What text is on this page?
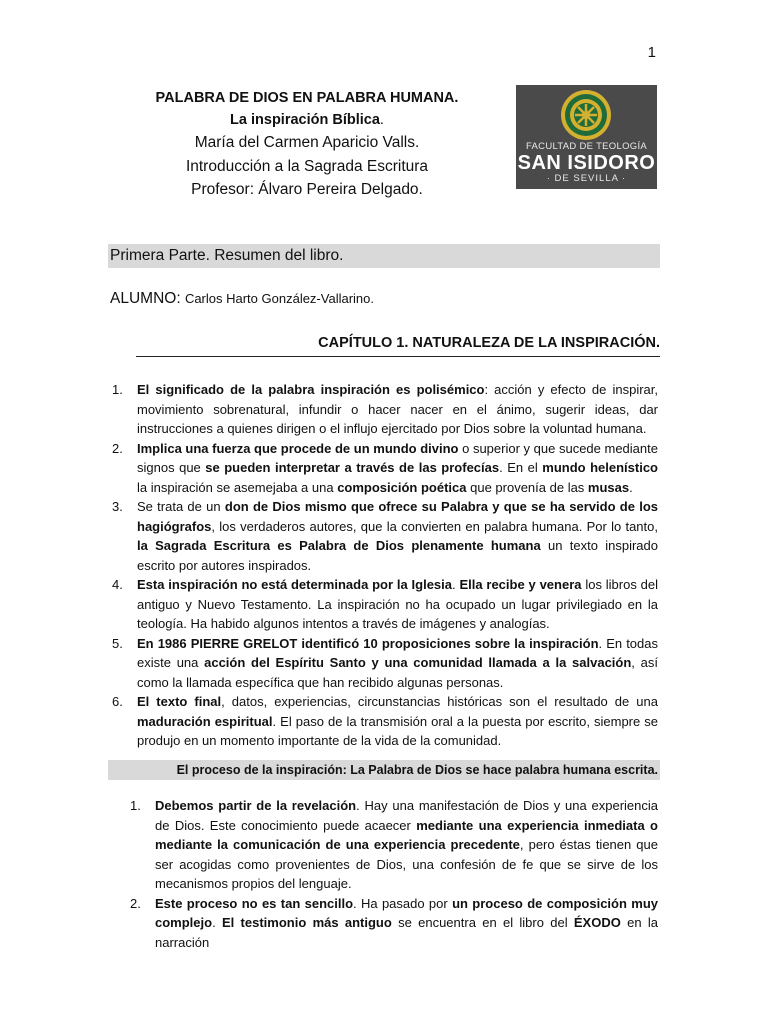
1
PALABRA DE DIOS EN PALABRA HUMANA.
La inspiración Bíblica.
María del Carmen Aparicio Valls.
Introducción a la Sagrada Escritura
Profesor: Álvaro Pereira Delgado.
FACULTAD DE TEOLOGÍA
SAN ISIDORO
· DE SEVILLA ·
Primera Parte. Resumen del libro.
ALUMNO: Carlos Harto González-Vallarino.
CAPÍTULO 1. NATURALEZA DE LA INSPIRACIÓN.
1.	El significado de la palabra inspiración es polisémico: acción y efecto de inspirar, movimiento sobrenatural, infundir o hacer nacer en el ánimo, sugerir ideas, dar instrucciones a quienes dirigen o el influjo ejercitado por Dios sobre la voluntad humana.
2.	Implica una fuerza que procede de un mundo divino o superior y que sucede mediante signos que se pueden interpretar a través de las profecías. En el mundo helenístico la inspiración se asemejaba a una composición poética que provenía de las musas.
3.	Se trata de un don de Dios mismo que ofrece su Palabra y que se ha servido de los hagiógrafos, los verdaderos autores, que la convierten en palabra humana. Por lo tanto, la Sagrada Escritura es Palabra de Dios plenamente humana un texto inspirado escrito por autores inspirados.
4.	Esta inspiración no está determinada por la Iglesia. Ella recibe y venera los libros del antiguo y Nuevo Testamento. La inspiración no ha ocupado un lugar privilegiado en la teología. Ha habido algunos intentos a través de imágenes y analogías.
5.	En 1986 PIERRE GRELOT identificó 10 proposiciones sobre la inspiración. En todas existe una acción del Espíritu Santo y una comunidad llamada a la salvación, así como la llamada específica que han recibido algunas personas.
6.	El texto final, datos, experiencias, circunstancias históricas son el resultado de una maduración espiritual. El paso de la transmisión oral a la puesta por escrito, siempre se produjo en un momento importante de la vida de la comunidad.
El proceso de la inspiración: La Palabra de Dios se hace palabra humana escrita.
1.	Debemos partir de la revelación. Hay una manifestación de Dios y una experiencia de Dios. Este conocimiento puede acaecer mediante una experiencia inmediata o mediante la comunicación de una experiencia precedente, pero éstas tienen que ser acogidas como provenientes de Dios, una confesión de fe que se sirve de los mecanismos propios del lenguaje.
2.	Este proceso no es tan sencillo. Ha pasado por un proceso de composición muy complejo. El testimonio más antiguo se encuentra en el libro del ÉXODO en la narración
